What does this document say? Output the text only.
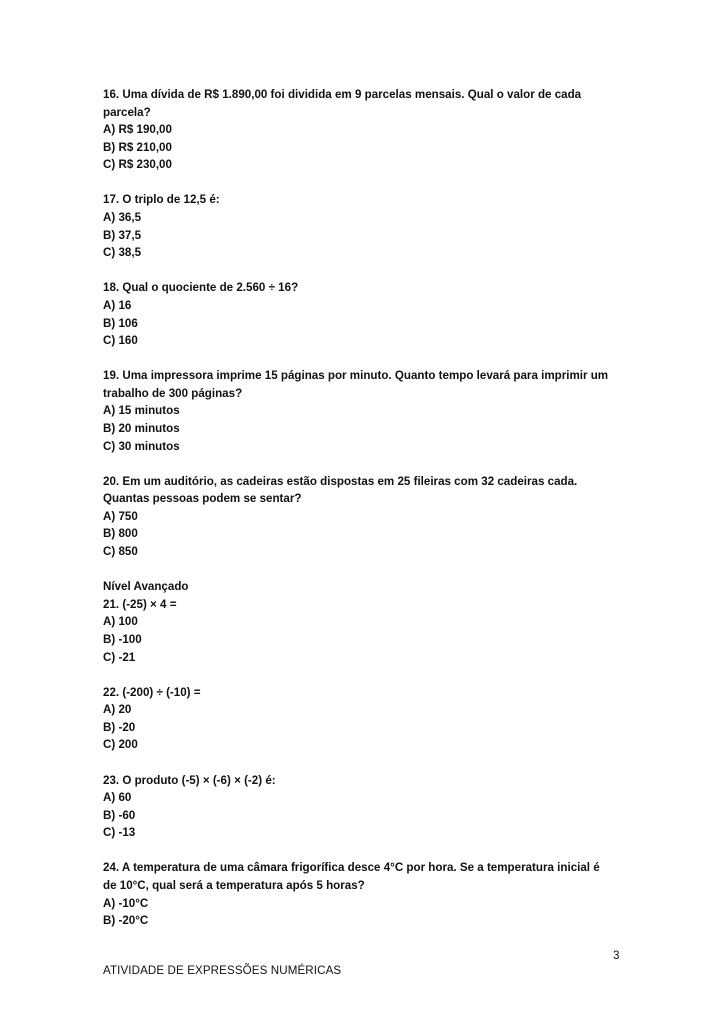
16. Uma dívida de R$ 1.890,00 foi dividida em 9 parcelas mensais. Qual o valor de cada
parcela?
A) R$ 190,00
B) R$ 210,00
C) R$ 230,00
17. O triplo de 12,5 é:
A) 36,5
B) 37,5
C) 38,5
18. Qual o quociente de 2.560 ÷ 16?
A) 16
B) 106
C) 160
19. Uma impressora imprime 15 páginas por minuto. Quanto tempo levará para imprimir um
trabalho de 300 páginas?
A) 15 minutos
B) 20 minutos
C) 30 minutos
20. Em um auditório, as cadeiras estão dispostas em 25 fileiras com 32 cadeiras cada.
Quantas pessoas podem se sentar?
A) 750
B) 800
C) 850
Nível Avançado
21. (-25) × 4 =
A) 100
B) -100
C) -21
22. (-200) ÷ (-10) =
A) 20
B) -20
C) 200
23. O produto (-5) × (-6) × (-2) é:
A) 60
B) -60
C) -13
24. A temperatura de uma câmara frigorífica desce 4°C por hora. Se a temperatura inicial é
de 10°C, qual será a temperatura após 5 horas?
A) -10°C
B) -20°C
3
ATIVIDADE DE EXPRESSÕES NUMÉRICAS
